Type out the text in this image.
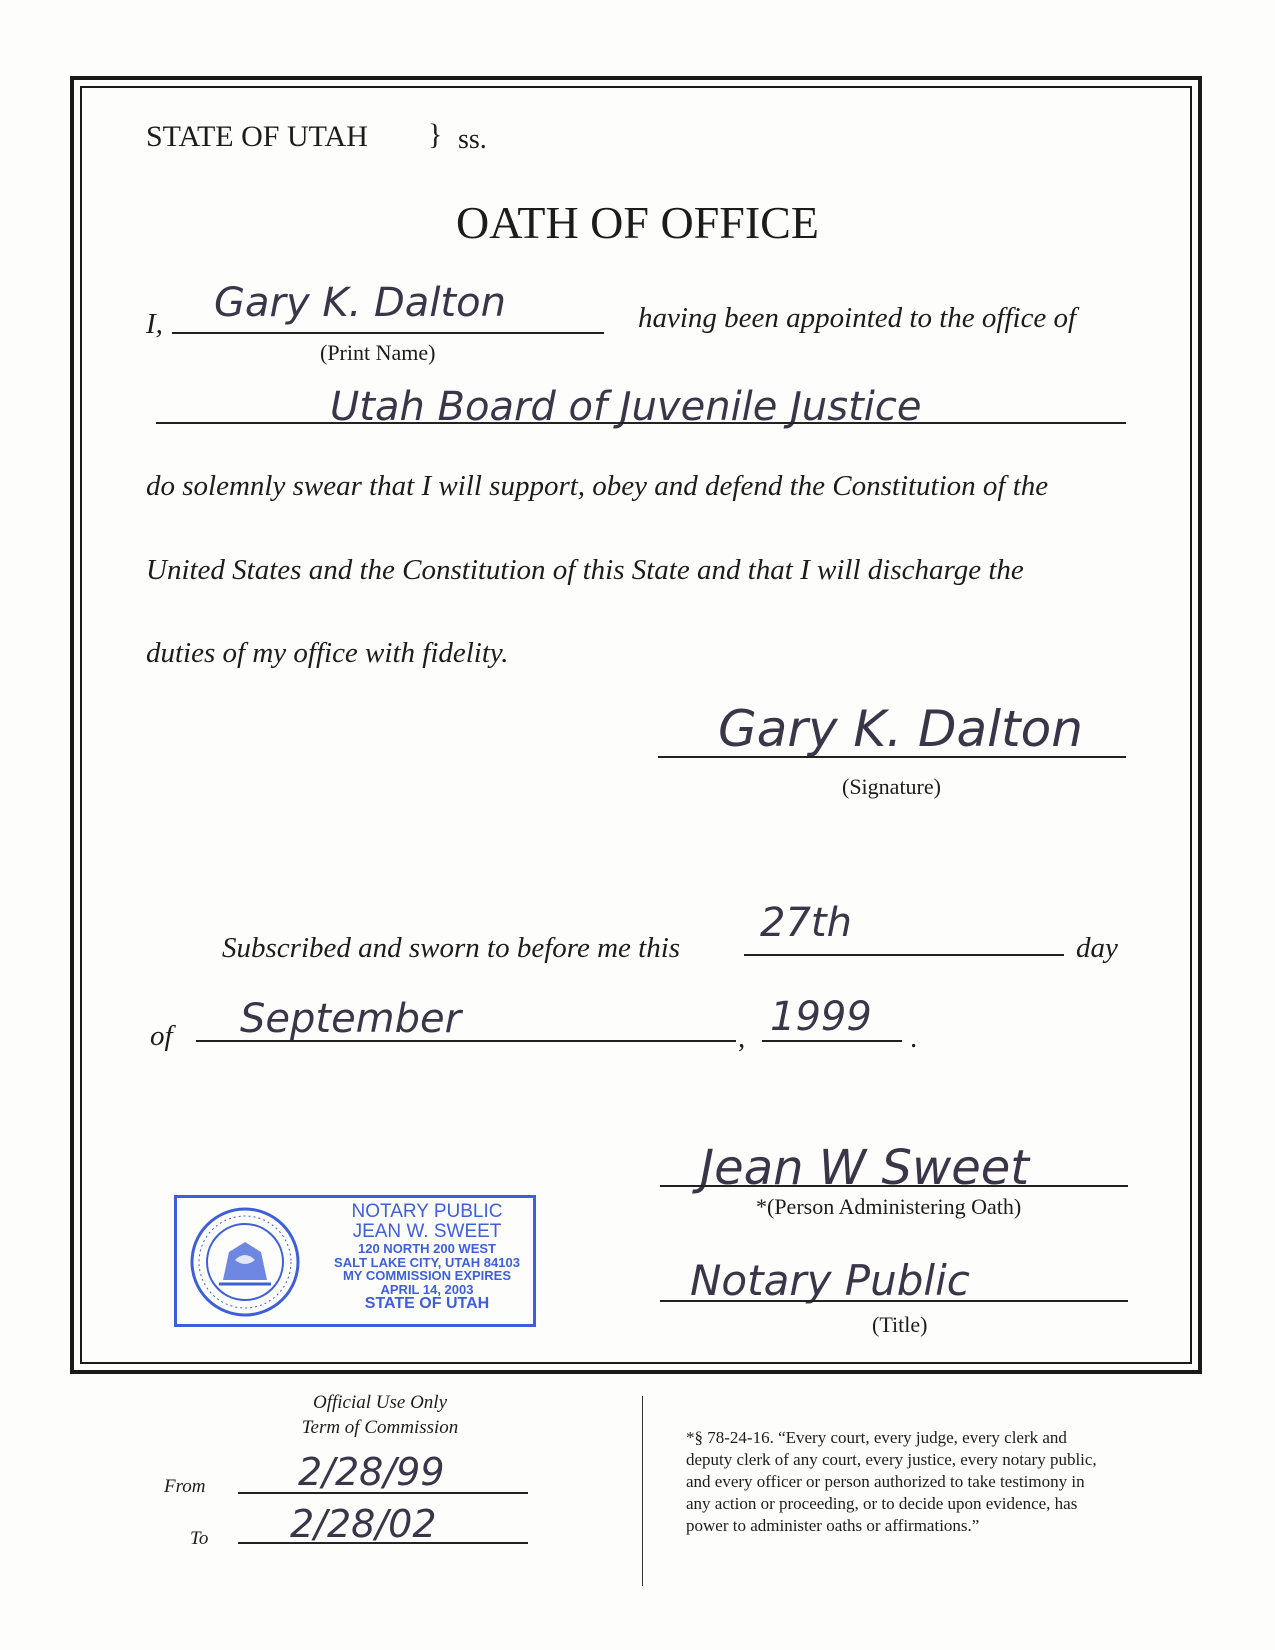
STATE OF UTAH } ss.
OATH OF OFFICE
I, Gary K. Dalton
(Print Name)
having been appointed to the office of
Utah Board of Juvenile Justice
do solemnly swear that I will support, obey and defend the Constitution of the
United States and the Constitution of this State and that I will discharge the
duties of my office with fidelity.
Gary K. Dalton
(Signature)
Subscribed and sworn to before me this
27th
day
of September	, 1999 .
Jean W Sweet
*(Person Administering Oath)
Notary Public
(Title)
NOTARY PUBLIC
JEAN W. SWEET
120 NORTH 200 WEST
SALT LAKE CITY, UTAH 84103
MY COMMISSION EXPIRES
APRIL 14, 2003
STATE OF UTAH
Official Use Only
Term of Commission
From 2/28/99
To 2/28/02
*§ 78-24-16. “Every court, every judge, every clerk and
deputy clerk of any court, every justice, every notary public,
and every officer or person authorized to take testimony in
any action or proceeding, or to decide upon evidence, has
power to administer oaths or affirmations.”
